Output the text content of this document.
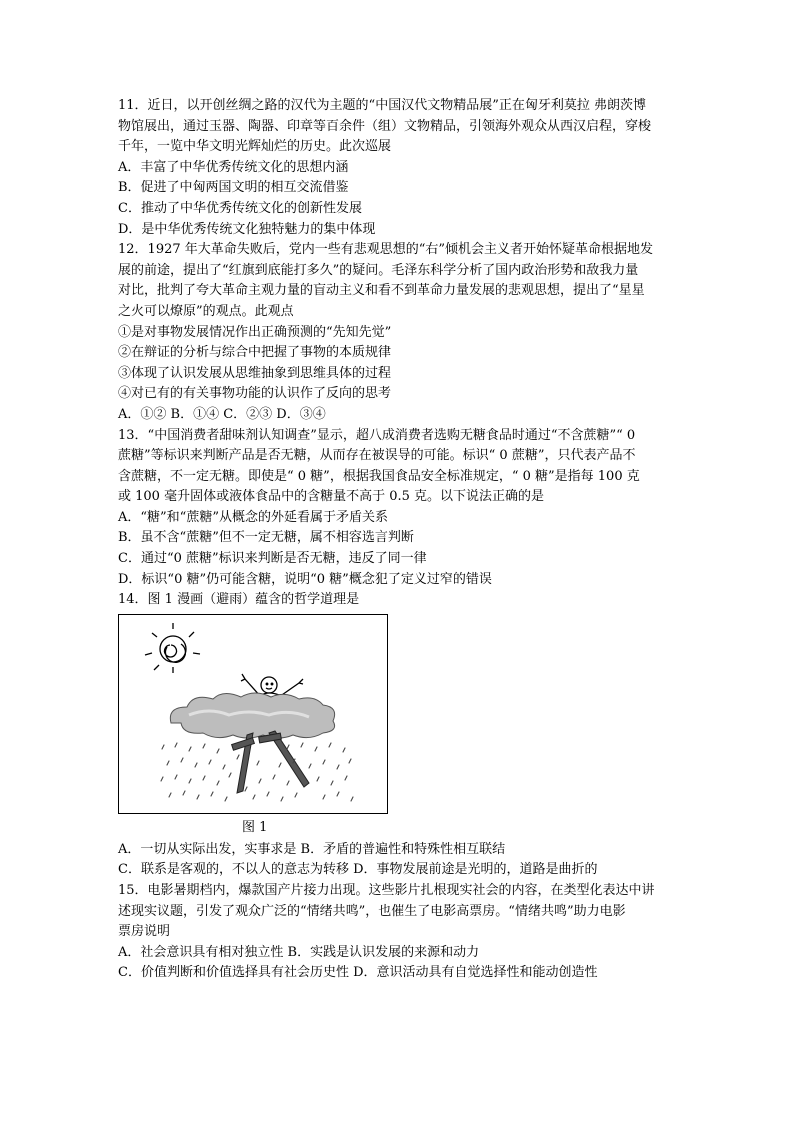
11．近日，以开创丝绸之路的汉代为主题的“中国汉代文物精品展”正在匈牙利莫拉 弗朗茨博
物馆展出，通过玉器、陶器、印章等百余件（组）文物精品，引领海外观众从西汉启程，穿梭
千年，一览中华文明光辉灿烂的历史。此次巡展
A．丰富了中华优秀传统文化的思想内涵
B．促进了中匈两国文明的相互交流借鉴
C．推动了中华优秀传统文化的创新性发展
D．是中华优秀传统文化独特魅力的集中体现
12．1927 年大革命失败后，党内一些有悲观思想的“右”倾机会主义者开始怀疑革命根据地发
展的前途，提出了“红旗到底能打多久”的疑问。毛泽东科学分析了国内政治形势和敌我力量
对比，批判了夸大革命主观力量的盲动主义和看不到革命力量发展的悲观思想，提出了“星星
之火可以燎原”的观点。此观点
①是对事物发展情况作出正确预测的“先知先觉”
②在辩证的分析与综合中把握了事物的本质规律
③体现了认识发展从思维抽象到思维具体的过程
④对已有的有关事物功能的认识作了反向的思考
A．①② B．①④ C．②③ D．③④
13．“中国消费者甜味剂认知调查”显示，超八成消费者选购无糖食品时通过“不含蔗糖”“ 0
蔗糖”等标识来判断产品是否无糖，从而存在被误导的可能。标识“ 0 蔗糖”，只代表产品不
含蔗糖，不一定无糖。即使是“ 0 糖”，根据我国食品安全标准规定，“ 0 糖”是指每 100 克
或 100 毫升固体或液体食品中的含糖量不高于 0.5 克。以下说法正确的是
A．“糖”和“蔗糖”从概念的外延看属于矛盾关系
B．虽不含“蔗糖”但不一定无糖，属不相容选言判断
C．通过“0 蔗糖”标识来判断是否无糖，违反了同一律
D．标识“0 糖”仍可能含糖，说明“0 糖”概念犯了定义过窄的错误
14．图 1 漫画（避雨）蕴含的哲学道理是
图 1
A．一切从实际出发，实事求是 B．矛盾的普遍性和特殊性相互联结
C．联系是客观的，不以人的意志为转移 D．事物发展前途是光明的，道路是曲折的
15．电影暑期档内，爆款国产片接力出现。这些影片扎根现实社会的内容，在类型化表达中讲
述现实议题，引发了观众广泛的“情绪共鸣”，也催生了电影高票房。“情绪共鸣”助力电影
票房说明
A．社会意识具有相对独立性 B．实践是认识发展的来源和动力
C．价值判断和价值选择具有社会历史性 D．意识活动具有自觉选择性和能动创造性
